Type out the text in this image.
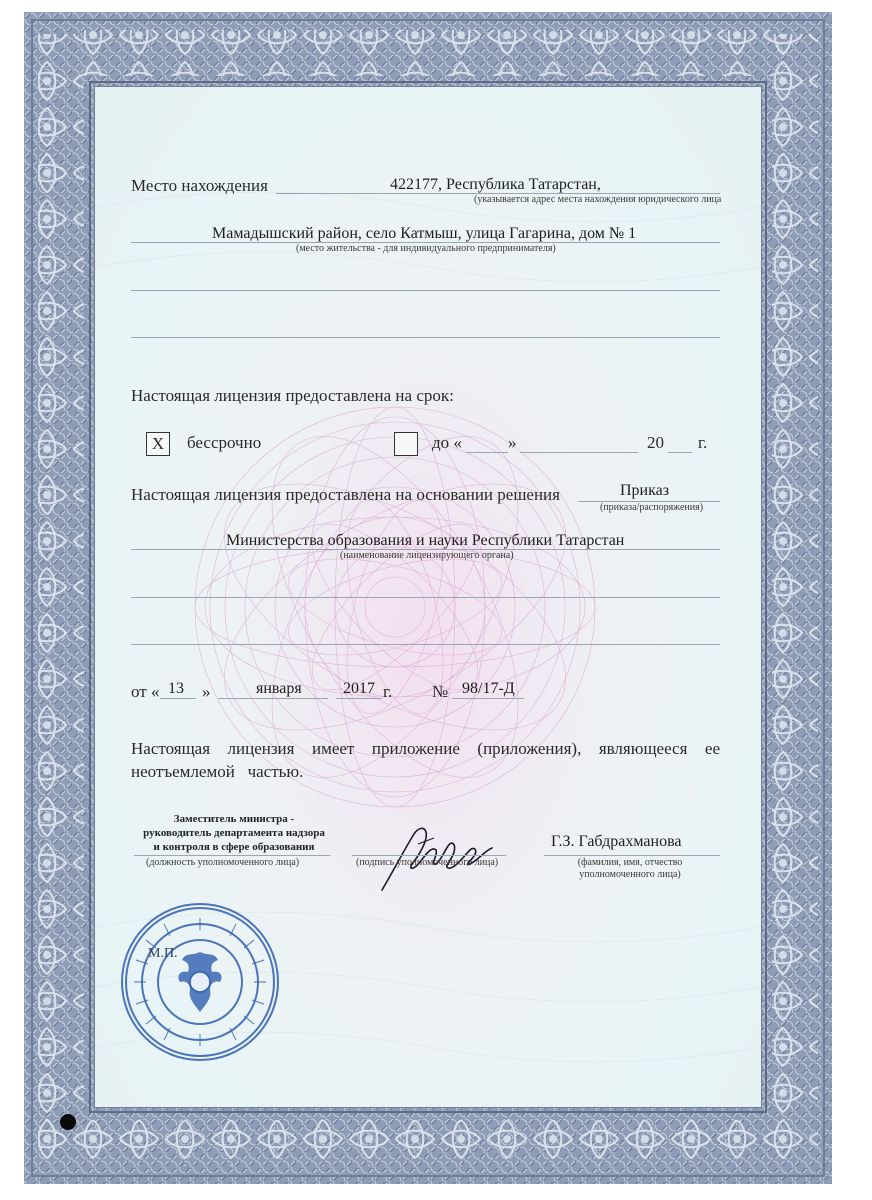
Место нахождения	422177, Республика Татарстан,
(указывается адрес места нахождения юридического лица
Мамадышский район, село Катмыш, улица Гагарина, дом № 1
(место жительства - для индивидуального предпринимателя)
Настоящая лицензия предоставлена на срок:
X	бессрочно	до «	»	20 г.
Настоящая лицензия предоставлена на основании решения	Приказ
(приказа/распоряжения)
Министерства образования и науки Республики Татарстан
(наименование лицензирующего органа)
от « 13 »	января	2017 г. № 98/17-Д
Настоящая лицензия имеет приложение (приложения), являющееся ее
неотъемлемой   частью.
Заместитель министра -
руководитель департамента надзора
и контроля в сфере образования
(должность уполномоченного лица)	(подпись уполномоченного лица)
Г.З. Габдрахманова
(фамилия, имя, отчество
уполномоченного лица)
М.П.
